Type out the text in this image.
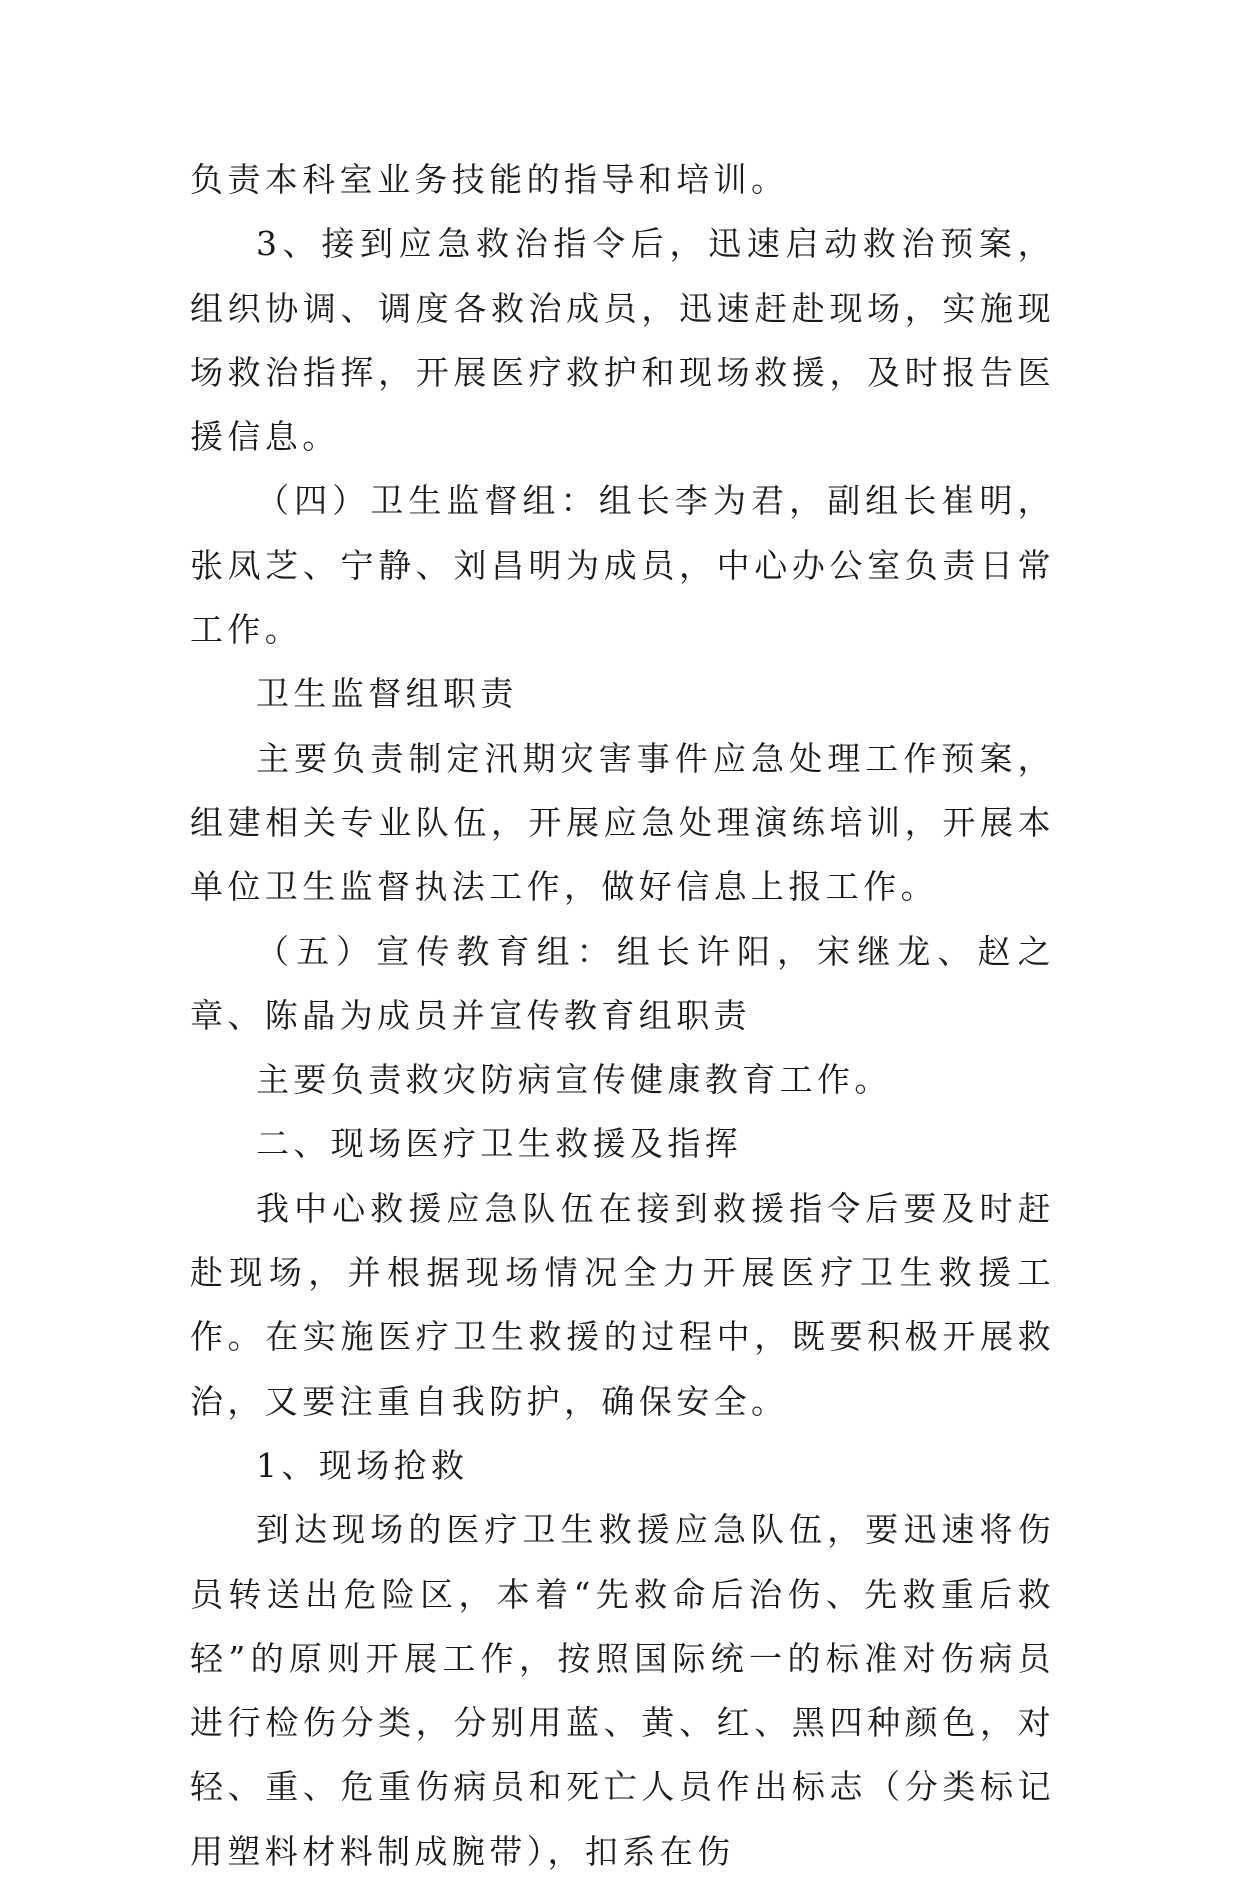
负责本科室业务技能的指导和培训。

3、接到应急救治指令后，迅速启动救治预案，组织协调、调度各救治成员，迅速赶赴现场，实施现场救治指挥，开展医疗救护和现场救援，及时报告医援信息。

（四）卫生监督组：组长李为君，副组长崔明，张凤芝、宁静、刘昌明为成员，中心办公室负责日常工作。

卫生监督组职责

主要负责制定汛期灾害事件应急处理工作预案，组建相关专业队伍，开展应急处理演练培训，开展本单位卫生监督执法工作，做好信息上报工作。

（五）宣传教育组：组长许阳，宋继龙、赵之章、陈晶为成员并宣传教育组职责

主要负责救灾防病宣传健康教育工作。

二、现场医疗卫生救援及指挥

我中心救援应急队伍在接到救援指令后要及时赶赴现场，并根据现场情况全力开展医疗卫生救援工作。在实施医疗卫生救援的过程中，既要积极开展救治，又要注重自我防护，确保安全。

1、现场抢救

到达现场的医疗卫生救援应急队伍，要迅速将伤员转送出危险区，本着“先救命后治伤、先救重后救轻”的原则开展工作，按照国际统一的标准对伤病员进行检伤分类，分别用蓝、黄、红、黑四种颜色，对轻、重、危重伤病员和死亡人员作出标志（分类标记用塑料材料制成腕带），扣系在伤
